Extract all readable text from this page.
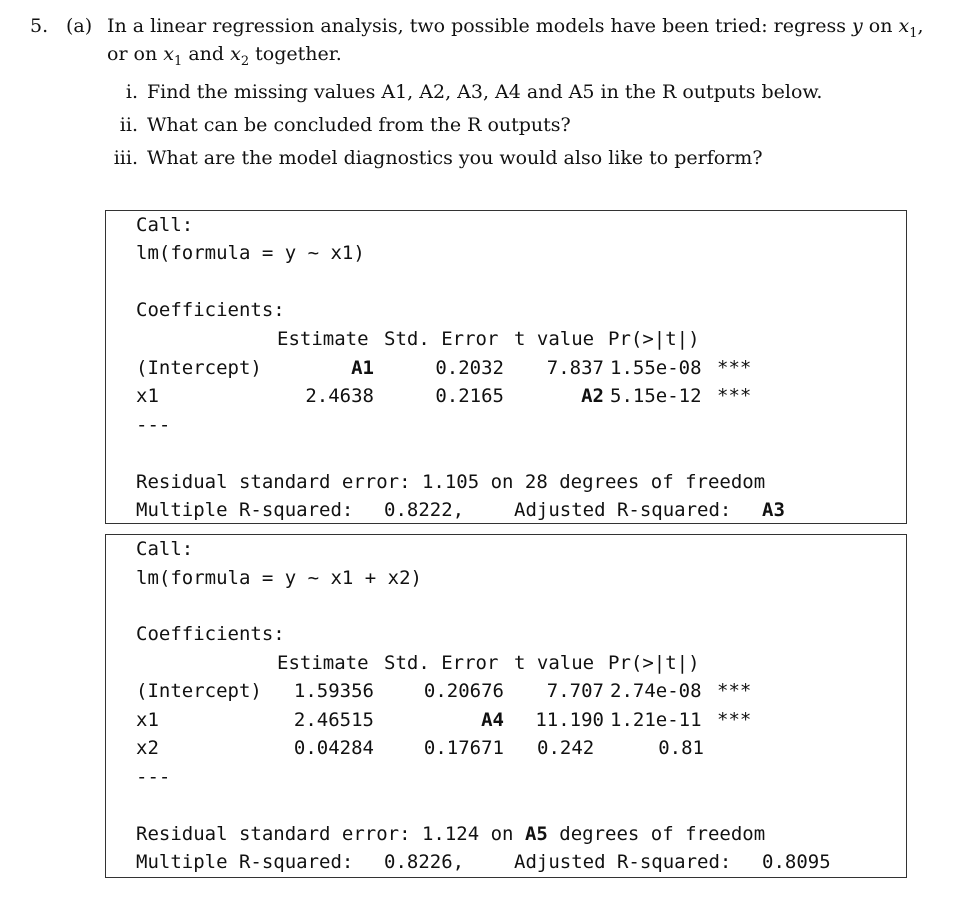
5. (a) In a linear regression analysis, two possible models have been tried: regress y on $x_1$,
or on $x_1$ and $x_2$ together.
i. Find the missing values A1, A2, A3, A4 and A5 in the R outputs below.
ii. What can be concluded from the R outputs?
iii. What are the model diagnostics you would also like to perform?
Call:
lm(formula = y ~ x1)
Coefficients:
Estimate Std. Error t value Pr(>|t|)
(Intercept)	A1	0.2032	7.837 1.55e-08 ***
x1	2.4638	0.2165	A2 5.15e-12 ***
---
Residual standard error: 1.105 on 28 degrees of freedom
Multiple R-squared: 0.8222,	Adjusted R-squared: A3
Call:
lm(formula = y ~ x1 + x2)
Coefficients:
Estimate Std. Error t value Pr(>|t|)
(Intercept)	1.59356	0.20676	7.707 2.74e-08 ***
x1	2.46515	A4	11.190 1.21e-11 ***
x2	0.04284	0.17671 0.242	0.81
---
Residual standard error: 1.124 on A5 degrees of freedom
Multiple R-squared: 0.8226,	Adjusted R-squared: 0.8095
